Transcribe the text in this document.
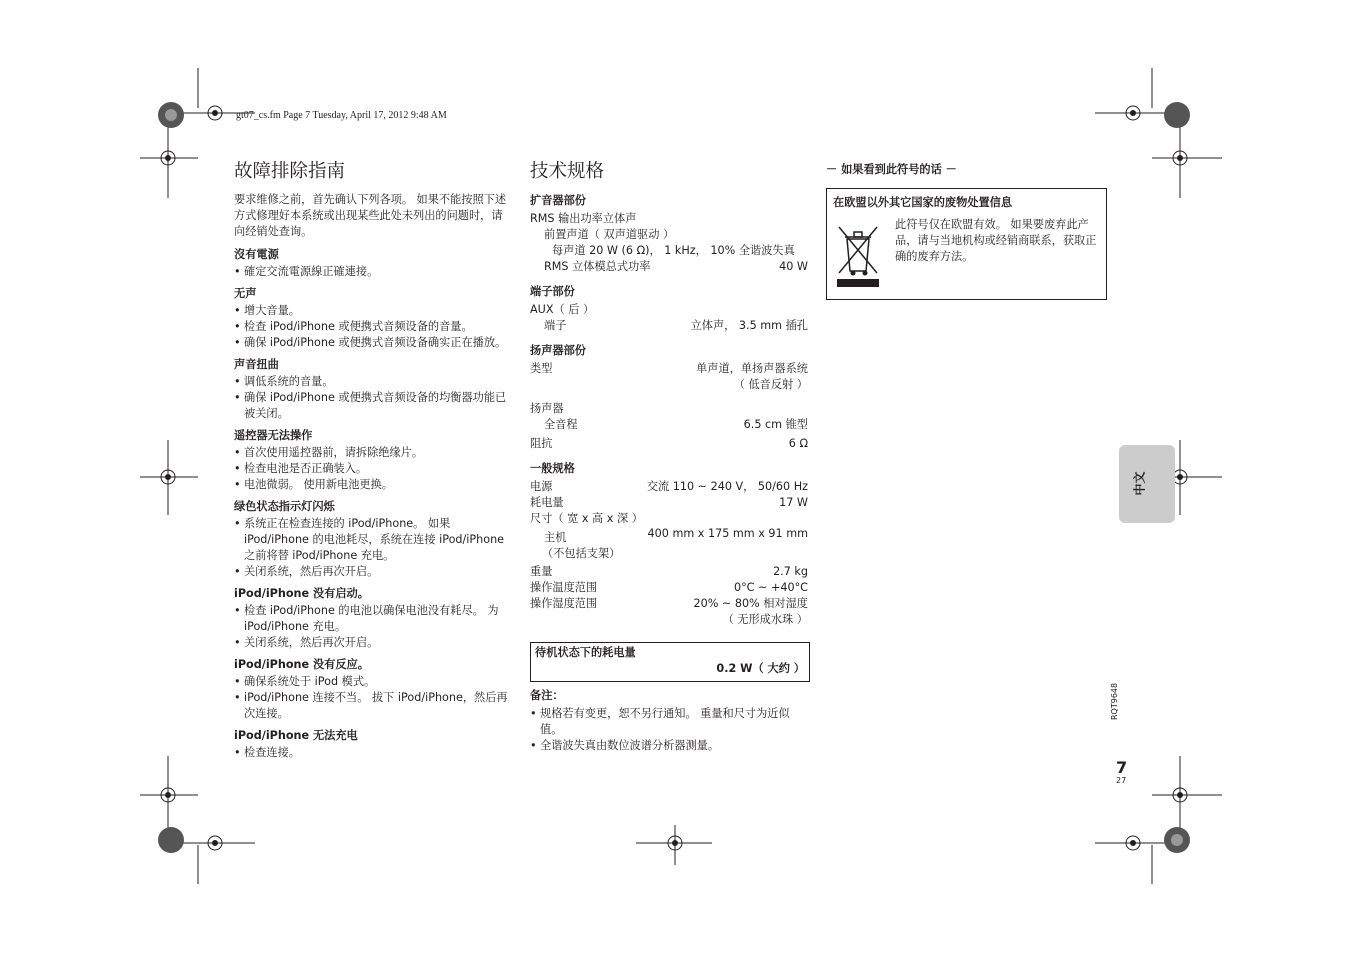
gt07_cs.fm Page 7 Tuesday, April 17, 2012 9:48 AM
故障排除指南

要求维修之前，首先确认下列各项。 如果不能按照下述方式修理好本系统或出现某些此处未列出的问题时，请向经销处查询。

沒有電源
• 確定交流電源線正確連接。
无声
• 增大音量。
• 检查 iPod/iPhone 或便携式音频设备的音量。
• 确保 iPod/iPhone 或便携式音频设备确实正在播放。
声音扭曲
• 调低系统的音量。
• 确保 iPod/iPhone 或便携式音频设备的均衡器功能已被关闭。
遥控器无法操作
• 首次使用遥控器前，请拆除绝缘片。
• 检查电池是否正确装入。
• 电池微弱。 使用新电池更换。
绿色状态指示灯闪烁
• 系统正在检查连接的 iPod/iPhone。 如果 iPod/iPhone 的电池耗尽，系统在连接 iPod/iPhone 之前将替 iPod/iPhone 充电。
• 关闭系统，然后再次开启。
iPod/iPhone 没有启动。
• 检查 iPod/iPhone 的电池以确保电池没有耗尽。 为 iPod/iPhone 充电。
• 关闭系统，然后再次开启。
iPod/iPhone 没有反应。
• 确保系统处于 iPod 模式。
• iPod/iPhone 连接不当。 拔下 iPod/iPhone，然后再次连接。
iPod/iPhone 无法充电
• 检查连接。
技术规格
扩音器部份
RMS 输出功率立体声
前置声道（ 双声道驱动 ）
每声道 20 W (6 Ω)， 1 kHz， 10% 全谐波失真
RMS 立体模总式功率	40 W
端子部份
AUX（ 后 ）
端子	立体声， 3.5 mm 插孔
扬声器部份
类型	单声道，单扬声器系统
（ 低音反射 ）
扬声器
全音程	6.5 cm 锥型
阻抗	6 Ω
一般规格
电源	交流 110 ~ 240 V， 50/60 Hz
耗电量	17 W
尺寸（ 宽 x 高 x 深 ）
主机	400 mm x 175 mm x 91 mm
（不包括支架）
重量	2.7 kg
操作温度范围	0°C ~ +40°C
操作湿度范围	20% ~ 80% 相对湿度
（ 无形成水珠 ）
待机状态下的耗电量
0.2 W（ 大约 ）
备注：
• 规格若有变更，恕不另行通知。 重量和尺寸为近似值。
• 全谐波失真由数位波谱分析器测量。
－ 如果看到此符号的话 －
在欧盟以外其它国家的废物处置信息
此符号仅在欧盟有效。 如果要废弃此产品，请与当地机构或经销商联系，获取正确的废弃方法。
中文
RQT9648
7
27
